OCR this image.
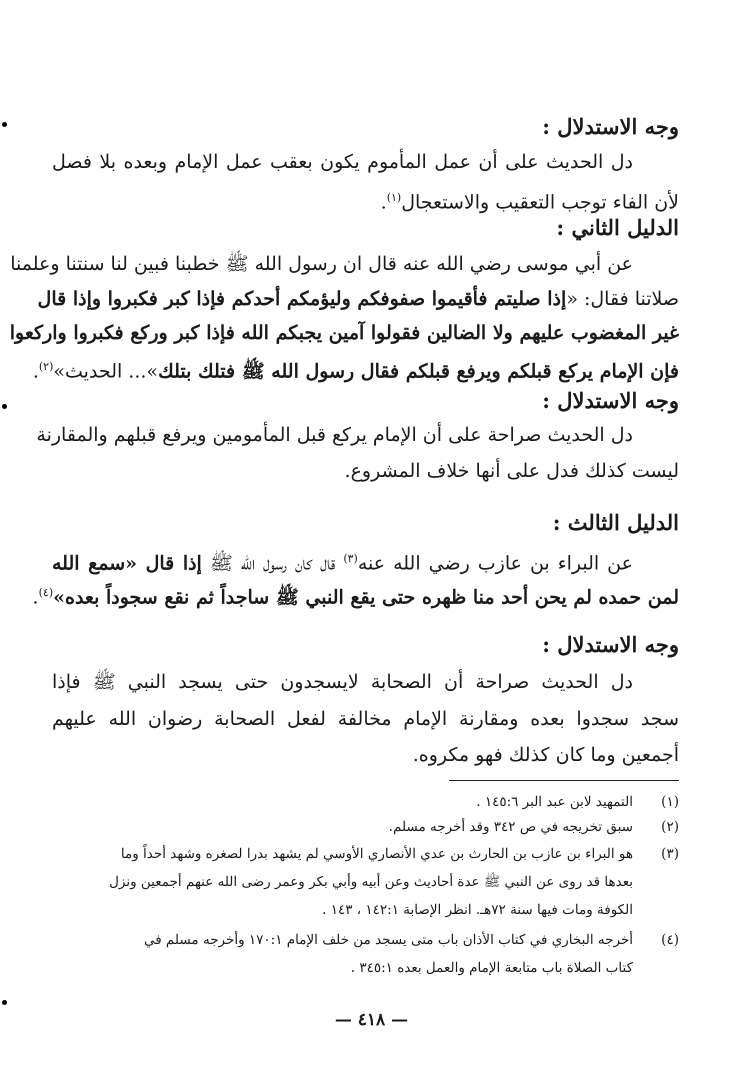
وجه الاستدلال :
دل الحديث على أن عمل المأموم يكون بعقب عمل الإمام وبعده بلا فصل
لأن الفاء توجب التعقيب والاستعجال$^{(١)}$.
الدليل الثاني :
عن أبي موسى رضي الله عنه قال ان رسول الله ﷺ خطبنا فبين لنا سنتنا وعلمنا
صلاتنا فقال: «إذا صليتم فأقيموا صفوفكم وليؤمكم أحدكم فإذا كبر فكبروا وإذا قال
غير المغضوب عليهم ولا الضالين فقولوا آمين يجبكم الله فإذا كبر وركع فكبروا واركعوا
فإن الإمام يركع قبلكم ويرفع قبلكم فقال رسول الله ﷺ فتلك بتلك»... الحديث»$^{(٢)}$.
وجه الاستدلال :
دل الحديث صراحة على أن الإمام يركع قبل المأمومين ويرفع قبلهم والمقارنة
ليست كذلك فدل على أنها خلاف المشروع.
الدليل الثالث :
عن البراء بن عازب رضي الله عنه$^{(٣)}$ قال كان رسول الله ﷺ إذا قال «سمع الله
لمن حمده لم يحن أحد منا ظهره حتى يقع النبي ﷺ ساجداً ثم نقع سجوداً بعده»$^{(٤)}$.
وجه الاستدلال :
دل الحديث صراحة أن الصحابة لايسجدون حتى يسجد النبي ﷺ فإذا
سجد سجدوا بعده ومقارنة الإمام مخالفة لفعل الصحابة رضوان الله عليهم
أجمعين وما كان كذلك فهو مكروه.
(١)التمهيد لابن عبد البر ١٤٥:٦ .
(٢)سبق تخريجه في ص ٣٤٢ وقد أخرجه مسلم.
(٣)هو البراء بن عازب بن الحارث بن عدي الأنصاري الأوسي لم يشهد بدرا لصغره وشهد أحداً وما
بعدها قد روى عن النبي ﷺ عدة أحاديث وعن أبيه وأبي بكر وعمر رضى الله عنهم أجمعين ونزل
الكوفة ومات فيها سنة ٧٢هـ. انظر الإصابة ١٤٢:١ ، ١٤٣ .
(٤)أخرجه البخاري في كتاب الأذان باب متى يسجد من خلف الإمام ١٧٠:١ وأخرجه مسلم في
كتاب الصلاة باب متابعة الإمام والعمل بعده ٣٤٥:١ .
— ٤١٨ —
